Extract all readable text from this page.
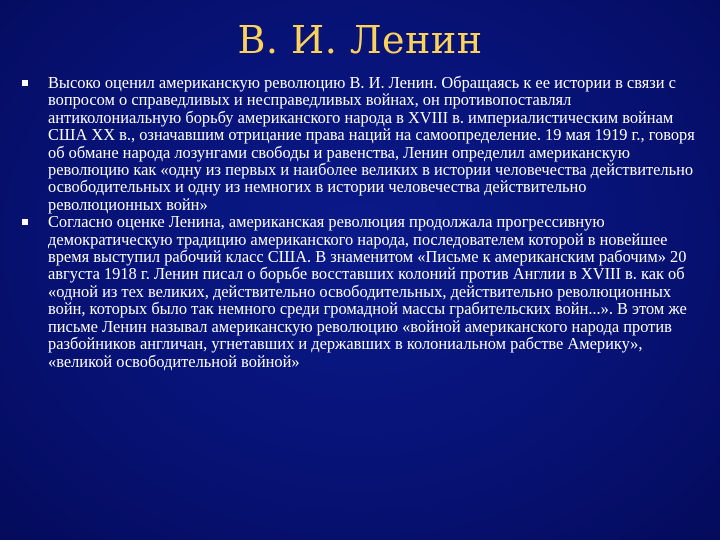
В. И. Ленин
Высоко оценил американскую революцию В. И. Ленин. Обращаясь к ее истории в связи с вопросом о справедливых и несправедливых войнах, он противопоставлял антиколониальную борьбу американского народа в XVIII в. империалистическим войнам США XX в., означавшим отрицание права наций на самоопределение. 19 мая 1919 г., говоря об обмане народа лозунгами свободы и равенства, Ленин определил американскую революцию как «одну из первых и наиболее великих в истории человечества действительно освободительных и одну из немногих в истории человечества действительно революционных войн»
Согласно оценке Ленина, американская революция продолжала прогрессивную демократическую традицию американского народа, последователем которой в новейшее время выступил рабочий класс США. В знаменитом «Письме к американским рабочим» 20 августа 1918 г. Ленин писал о борьбе восставших колоний против Англии в XVIII в. как об «одной из тех великих, действительно освободительных, действительно революционных войн, которых было так немного среди громадной массы грабительских войн...». В этом же письме Ленин называл американскую революцию «войной американского народа против разбойников англичан, угнетавших и державших в колониальном рабстве Америку», «великой освободительной войной»
